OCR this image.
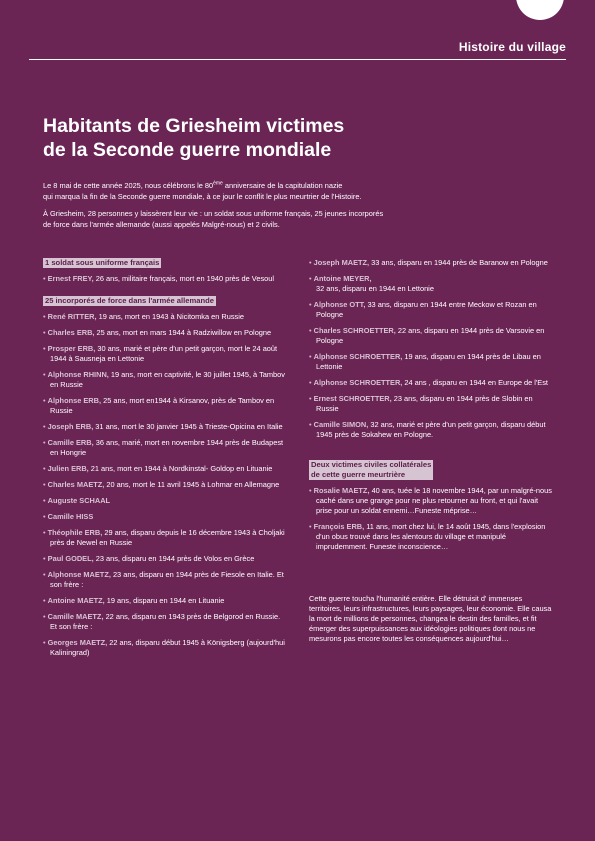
Histoire du village
Habitants de Griesheim victimes
de la Seconde guerre mondiale

Le 8 mai de cette année 2025, nous célébrons le 80ème anniversaire de la capitulation nazie
qui marqua la fin de la Seconde guerre mondiale, à ce jour le conflit le plus meurtrier de l'Histoire.

À Griesheim, 28 personnes y laissèrent leur vie : un soldat sous uniforme français, 25 jeunes incorporés
de force dans l'armée allemande (aussi appelés Malgré-nous) et 2 civils.

1 soldat sous uniforme français
• Ernest FREY, 26 ans, militaire français, mort en 1940 près de Vesoul
25 incorporés de force dans l'armée allemande
• René RITTER, 19 ans, mort en 1943 à Nicitomka en Russie
• Charles ERB, 25 ans, mort en mars 1944 à Radziwillow en Pologne
• Prosper ERB, 30 ans, marié et père d'un petit garçon, mort le 24 août 1944 à Sausneja en Lettonie
• Alphonse RHINN, 19 ans, mort en captivité, le 30 juillet 1945, à Tambov en Russie
• Alphonse ERB, 25 ans, mort en1944 à Kirsanov, près de Tambov en Russie
• Joseph ERB, 31 ans, mort le 30 janvier 1945 à Trieste-Opicina en Italie
• Camille ERB, 36 ans, marié, mort en novembre 1944 près de Budapest en Hongrie
• Julien ERB, 21 ans, mort en 1944 à Nordkinstal- Goldop en Lituanie
• Charles MAETZ, 20 ans, mort le 11 avril 1945 à Lohmar en Allemagne
• Auguste SCHAAL
• Camille HISS
• Théophile ERB, 29 ans, disparu depuis le 16 décembre 1943 à Choljaki près de Newel en Russie
• Paul GODEL, 23 ans, disparu en 1944 près de Volos en Grèce
• Alphonse MAETZ, 23 ans, disparu en 1944 près de Fiesole en Italie. Et son frère :
• Antoine MAETZ, 19 ans, disparu en 1944 en Lituanie
• Camille MAETZ, 22 ans, disparu en 1943 près de Belgorod en Russie. Et son frère :
• Georges MAETZ, 22 ans, disparu début 1945 à Königsberg (aujourd'hui Kaliningrad)
• Joseph MAETZ, 33 ans, disparu en 1944 près de Baranow en Pologne
• Antoine MEYER,
32 ans, disparu en 1944 en Lettonie
• Alphonse OTT, 33 ans, disparu en 1944 entre Meckow et Rozan en Pologne
• Charles SCHROETTER, 22 ans, disparu en 1944 près de Varsovie en Pologne
• Alphonse SCHROETTER, 19 ans, disparu en 1944 près de Libau en Lettonie
• Alphonse SCHROETTER, 24 ans , disparu en 1944 en Europe de l'Est
• Ernest SCHROETTER, 23 ans, disparu en 1944 près de Slobin en Russie
• Camille SIMON, 32 ans, marié et père d'un petit garçon, disparu début 1945 près de Sokahew en Pologne.
Deux victimes civiles collatérales
de cette guerre meurtrière
• Rosalie MAETZ, 40 ans, tuée le 18 novembre 1944, par un malgré-nous caché dans une grange pour ne plus retourner au front, et qui l'avait prise pour un soldat ennemi…Funeste méprise…
• François ERB, 11 ans, mort chez lui, le 14 août 1945, dans l'explosion d'un obus trouvé dans les alentours du village et manipulé imprudemment. Funeste inconscience…

Cette guerre toucha l'humanité entière. Elle détruisit d' immenses territoires, leurs infrastructures, leurs paysages, leur économie. Elle causa la mort de millions de personnes, changea le destin des familles, et fit émerger des superpuissances aux idéologies politiques dont nous ne mesurons pas encore toutes les conséquences aujourd'hui…
